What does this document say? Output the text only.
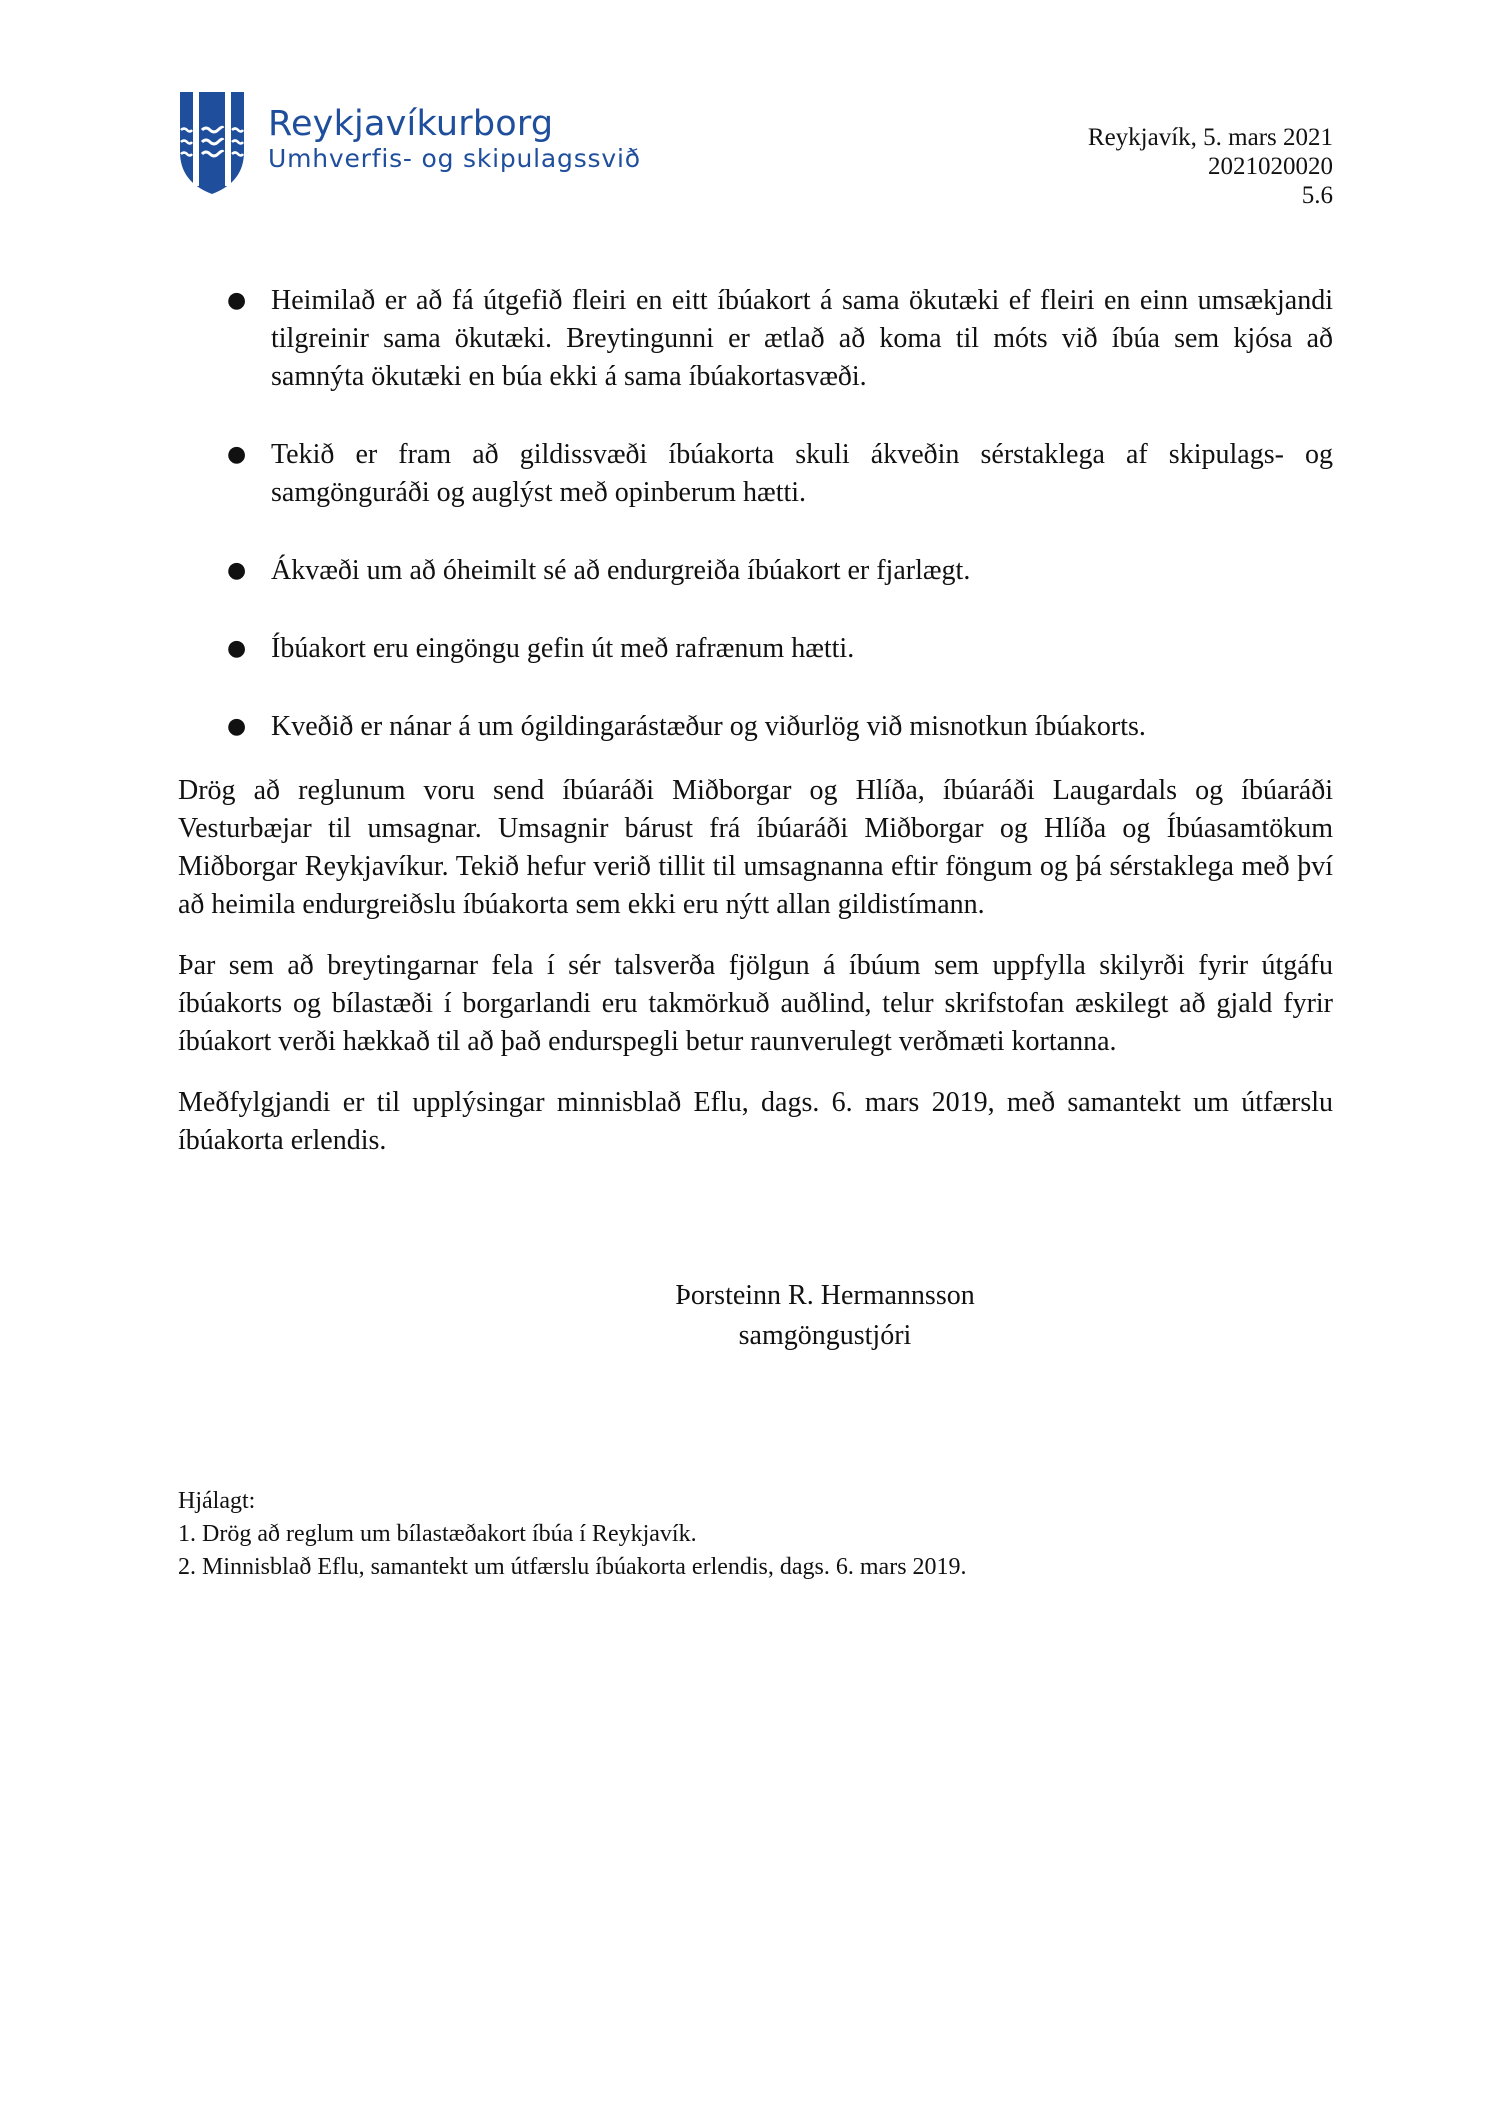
Reykjavíkurborg
Umhverfis- og skipulagssvið
Reykjavík, 5. mars 2021
2021020020
5.6
● Heimilað er að fá útgefið fleiri en eitt íbúakort á sama ökutæki ef fleiri en einn umsækjandi tilgreinir sama ökutæki. Breytingunni er ætlað að koma til móts við íbúa sem kjósa að samnýta ökutæki en búa ekki á sama íbúakortasvæði.
● Tekið er fram að gildissvæði íbúakorta skuli ákveðin sérstaklega af skipulags- og samgönguráði og auglýst með opinberum hætti.
● Ákvæði um að óheimilt sé að endurgreiða íbúakort er fjarlægt.
● Íbúakort eru eingöngu gefin út með rafrænum hætti.
● Kveðið er nánar á um ógildingarástæður og viðurlög við misnotkun íbúakorts.

Drög að reglunum voru send íbúaráði Miðborgar og Hlíða, íbúaráði Laugardals og íbúaráði Vesturbæjar til umsagnar. Umsagnir bárust frá íbúaráði Miðborgar og Hlíða og Íbúasamtökum Miðborgar Reykjavíkur. Tekið hefur verið tillit til umsagnanna eftir föngum og þá sérstaklega með því að heimila endurgreiðslu íbúakorta sem ekki eru nýtt allan gildistímann.

Þar sem að breytingarnar fela í sér talsverða fjölgun á íbúum sem uppfylla skilyrði fyrir útgáfu íbúakorts og bílastæði í borgarlandi eru takmörkuð auðlind, telur skrifstofan æskilegt að gjald fyrir íbúakort verði hækkað til að það endurspegli betur raunverulegt verðmæti kortanna.

Meðfylgjandi er til upplýsingar minnisblað Eflu, dags. 6. mars 2019, með samantekt um útfærslu íbúakorta erlendis.

Þorsteinn R. Hermannsson
samgöngustjóri
Hjálagt:
1. Drög að reglum um bílastæðakort íbúa í Reykjavík.
2. Minnisblað Eflu, samantekt um útfærslu íbúakorta erlendis, dags. 6. mars 2019.
